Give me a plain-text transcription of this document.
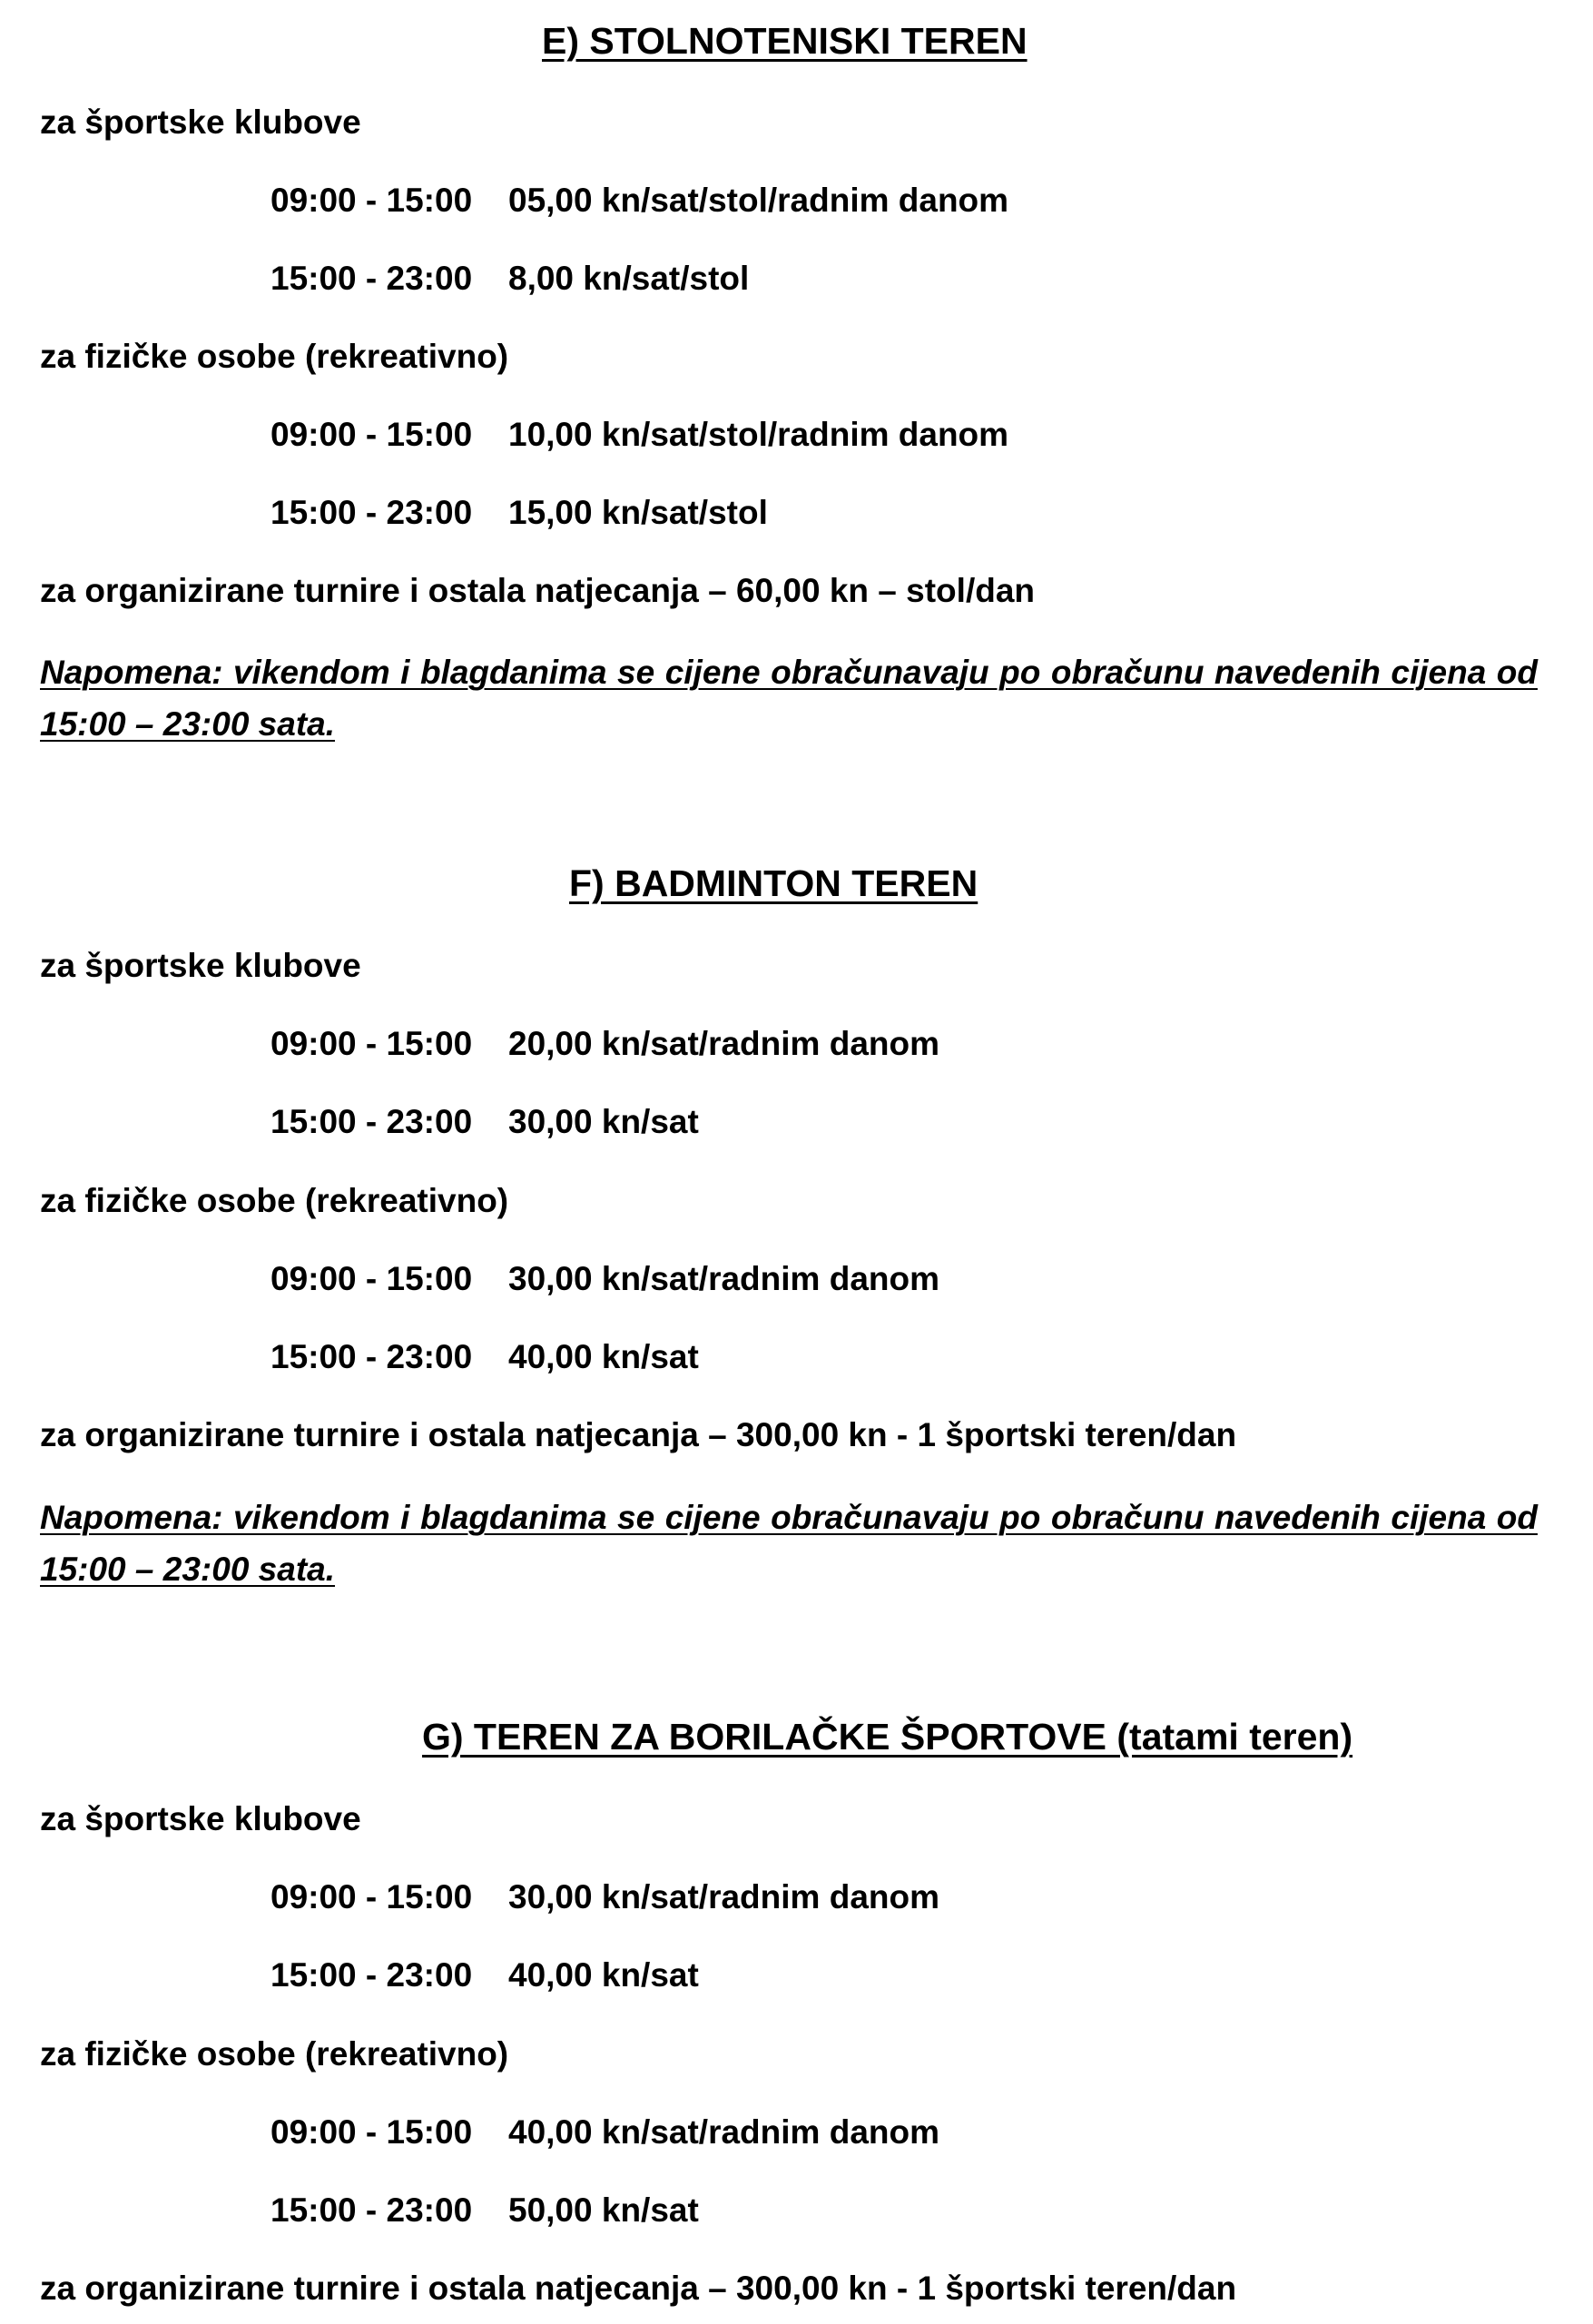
E) STOLNOTENISKI TEREN
za športske klubove
09:00 - 15:00 05,00 kn/sat/stol/radnim danom
15:00 - 23:00 8,00 kn/sat/stol
za fizičke osobe (rekreativno)
09:00 - 15:00 10,00 kn/sat/stol/radnim danom
15:00 - 23:00 15,00 kn/sat/stol
za organizirane turnire i ostala natjecanja – 60,00 kn – stol/dan
Napomena: vikendom i blagdanima se cijene obračunavaju po obračunu navedenih cijena od 15:00 – 23:00 sata.
F) BADMINTON TEREN
za športske klubove
09:00 - 15:00 20,00 kn/sat/radnim danom
15:00 - 23:00 30,00 kn/sat
za fizičke osobe (rekreativno)
09:00 - 15:00 30,00 kn/sat/radnim danom
15:00 - 23:00 40,00 kn/sat
za organizirane turnire i ostala natjecanja – 300,00 kn - 1 športski teren/dan
Napomena: vikendom i blagdanima se cijene obračunavaju po obračunu navedenih cijena od 15:00 – 23:00 sata.
G) TEREN ZA BORILAČKE ŠPORTOVE (tatami teren)
za športske klubove
09:00 - 15:00 30,00 kn/sat/radnim danom
15:00 - 23:00 40,00 kn/sat
za fizičke osobe (rekreativno)
09:00 - 15:00 40,00 kn/sat/radnim danom
15:00 - 23:00 50,00 kn/sat
za organizirane turnire i ostala natjecanja – 300,00 kn - 1 športski teren/dan
